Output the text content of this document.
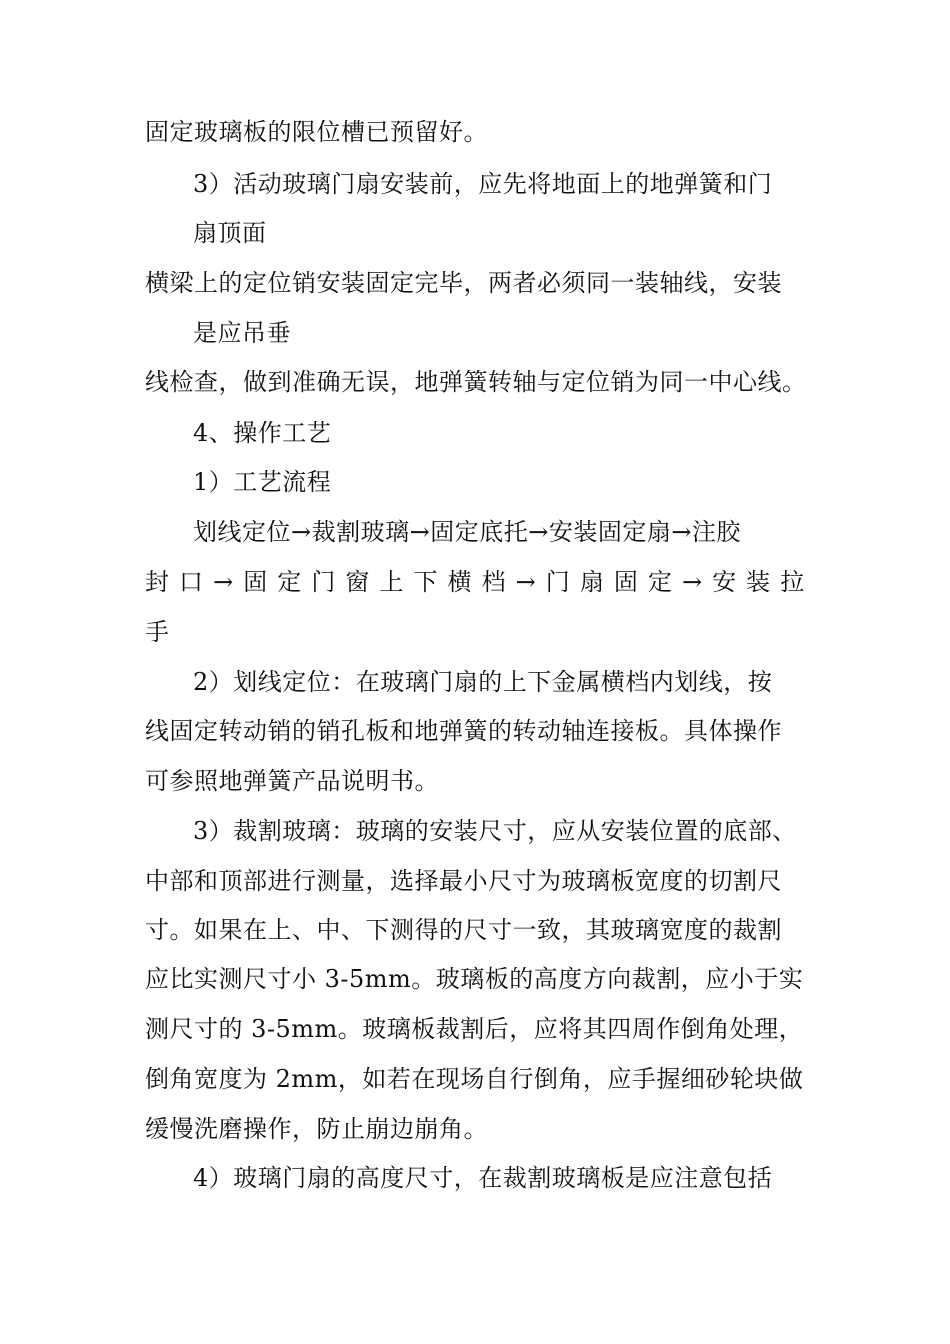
固定玻璃板的限位槽已预留好。
3）活动玻璃门扇安装前，应先将地面上的地弹簧和门
扇顶面
横梁上的定位销安装固定完毕，两者必须同一装轴线，安装
是应吊垂
线检查，做到准确无误，地弹簧转轴与定位销为同一中心线。
4、操作工艺
1）工艺流程
划线定位→裁割玻璃→固定底托→安装固定扇→注胶
封 口 → 固 定 门 窗 上 下 横 档 → 门 扇 固 定 → 安 装 拉
手
2）划线定位：在玻璃门扇的上下金属横档内划线，按
线固定转动销的销孔板和地弹簧的转动轴连接板。具体操作
可参照地弹簧产品说明书。
3）裁割玻璃：玻璃的安装尺寸，应从安装位置的底部、
中部和顶部进行测量，选择最小尺寸为玻璃板宽度的切割尺
寸。如果在上、中、下测得的尺寸一致，其玻璃宽度的裁割
应比实测尺寸小 3-5mm。玻璃板的高度方向裁割，应小于实
测尺寸的 3-5mm。玻璃板裁割后，应将其四周作倒角处理，
倒角宽度为 2mm，如若在现场自行倒角，应手握细砂轮块做
缓慢洗磨操作，防止崩边崩角。
4）玻璃门扇的高度尺寸，在裁割玻璃板是应注意包括
